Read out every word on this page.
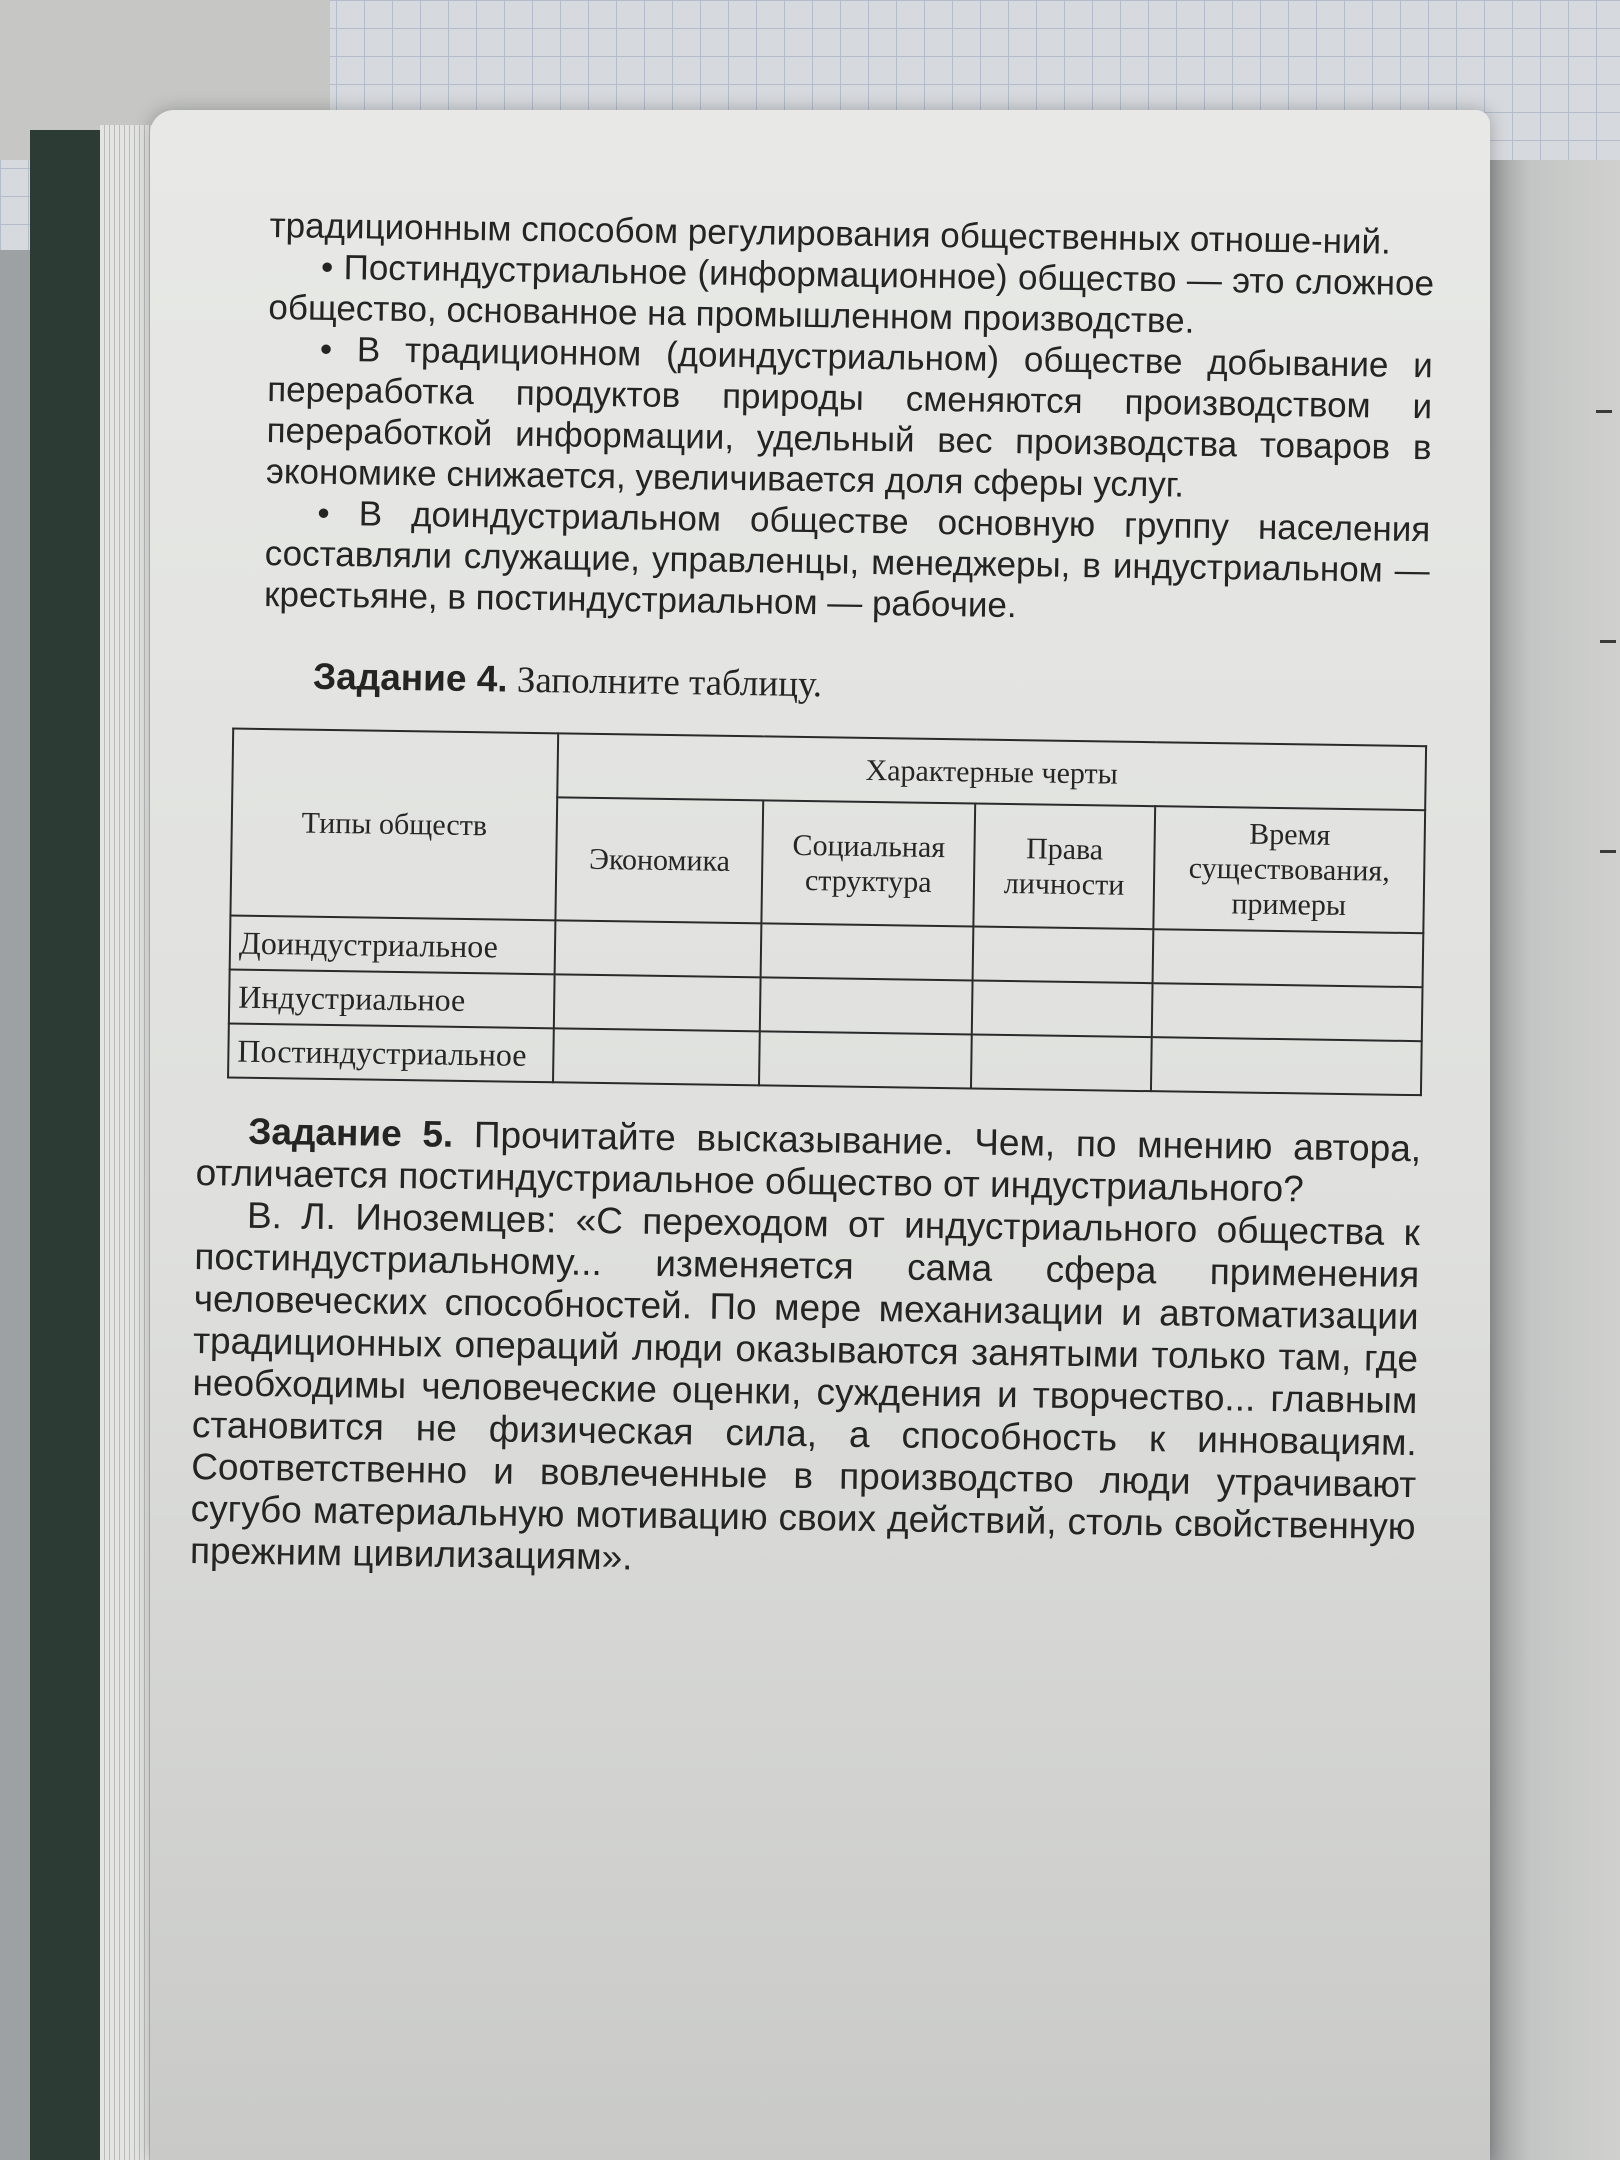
традиционным способом регулирования общественных отноше-ний.

• Постиндустриальное (информационное) общество — это сложное общество, основанное на промышленном производстве.

• В традиционном (доиндустриальном) обществе добывание и переработка продуктов природы сменяются производством и переработкой информации, удельный вес производства товаров в экономике снижается, увеличивается доля сферы услуг.

• В доиндустриальном обществе основную группу населения составляли служащие, управленцы, менеджеры, в индустриальном — крестьяне, в постиндустриальном — рабочие.

Задание 4. Заполните таблицу.

Типы обществ	Характерные черты			
	Экономика	Социальная структура	Права личности	Время существования, примеры
Доиндустриальное				
Индустриальное				
Постиндустриальное				

Задание 5. Прочитайте высказывание. Чем, по мнению автора, отличается постиндустриальное общество от индустриального?

В. Л. Иноземцев: «С переходом от индустриального общества к постиндустриальному... изменяется сама сфера применения человеческих способностей. По мере механизации и автоматизации традиционных операций люди оказываются занятыми только там, где необходимы человеческие оценки, суждения и творчество... главным становится не физическая сила, а способность к инновациям. Соответственно и вовлеченные в производство люди утрачивают сугубо материальную мотивацию своих действий, столь свойственную прежним цивилизациям».
